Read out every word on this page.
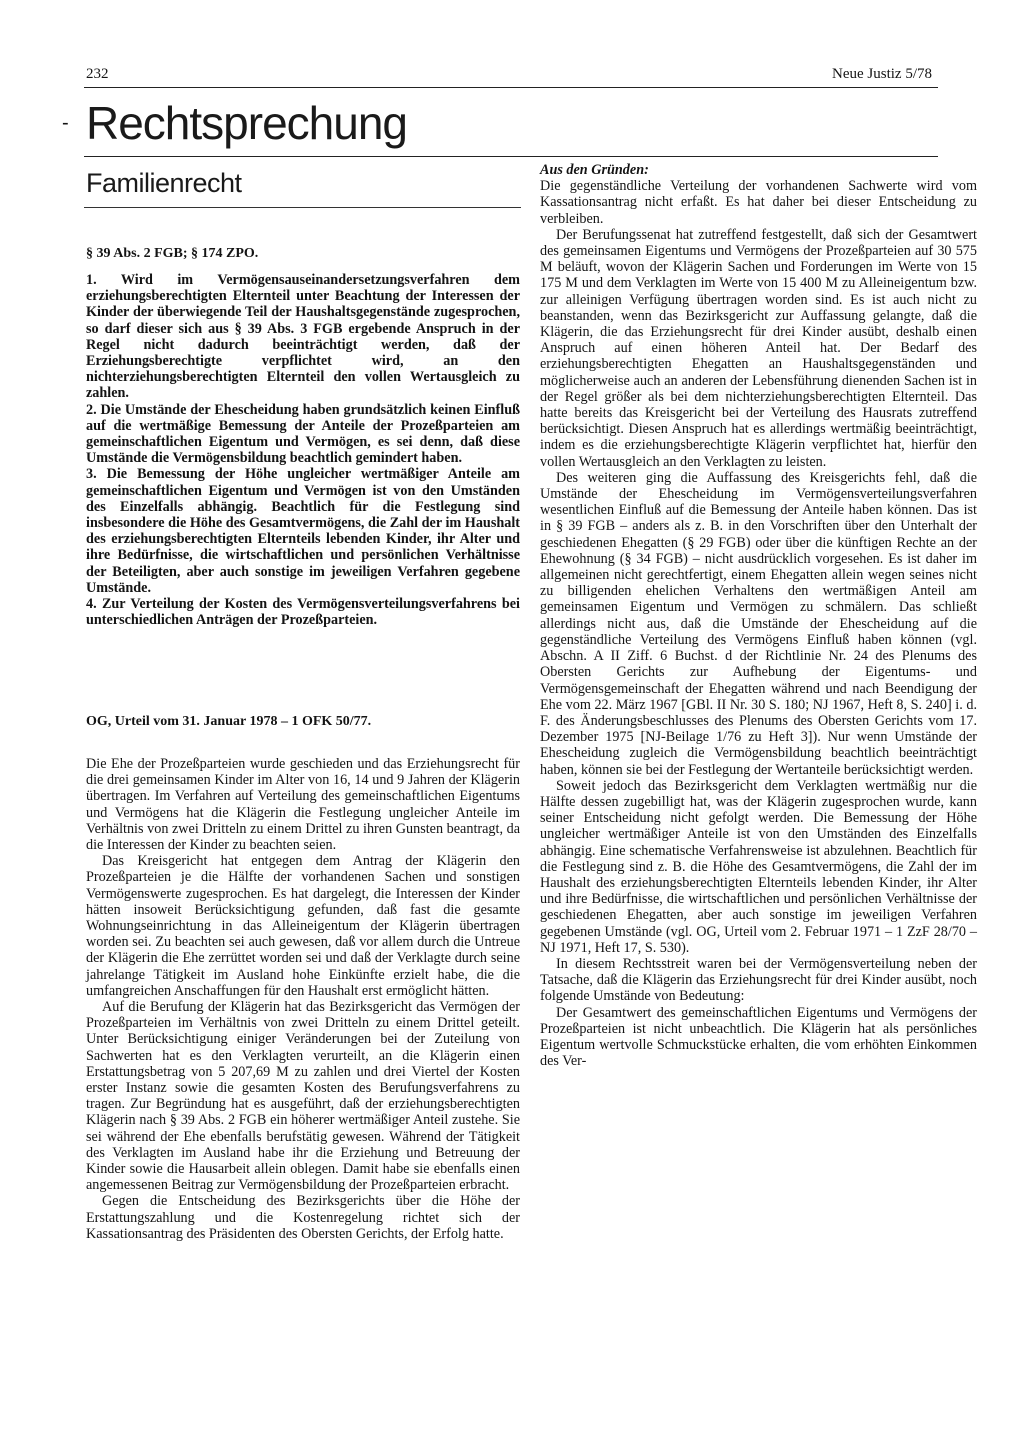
232	Neue Justiz 5/78
- Rechtsprechung
Familienrecht
§ 39 Abs. 2 FGB; § 174 ZPO.

1. Wird im Vermögensauseinandersetzungsverfahren dem erziehungsberechtigten Elternteil unter Beachtung der Interessen der Kinder der überwiegende Teil der Haushaltsgegenstände zugesprochen, so darf dieser sich aus § 39 Abs. 3 FGB ergebende Anspruch in der Regel nicht dadurch beeinträchtigt werden, daß der Erziehungsberechtigte verpflichtet wird, an den nichterziehungsberechtigten Elternteil den vollen Wertausgleich zu zahlen.

2. Die Umstände der Ehescheidung haben grundsätzlich keinen Einfluß auf die wertmäßige Bemessung der Anteile der Prozeßparteien am gemeinschaftlichen Eigentum und Vermögen, es sei denn, daß diese Umstände die Vermögensbildung beachtlich gemindert haben.

3. Die Bemessung der Höhe ungleicher wertmäßiger Anteile am gemeinschaftlichen Eigentum und Vermögen ist von den Umständen des Einzelfalls abhängig. Beachtlich für die Festlegung sind insbesondere die Höhe des Gesamtvermögens, die Zahl der im Haushalt des erziehungsberechtigten Elternteils lebenden Kinder, ihr Alter und ihre Bedürfnisse, die wirtschaftlichen und persönlichen Verhältnisse der Beteiligten, aber auch sonstige im jeweiligen Verfahren gegebene Umstände.

4. Zur Verteilung der Kosten des Vermögensverteilungsverfahrens bei unterschiedlichen Anträgen der Prozeßparteien.

OG, Urteil vom 31. Januar 1978 – 1 OFK 50/77.

Die Ehe der Prozeßparteien wurde geschieden und das Erziehungsrecht für die drei gemeinsamen Kinder im Alter von 16, 14 und 9 Jahren der Klägerin übertragen. Im Verfahren auf Verteilung des gemeinschaftlichen Eigentums und Vermögens hat die Klägerin die Festlegung ungleicher Anteile im Verhältnis von zwei Dritteln zu einem Drittel zu ihren Gunsten beantragt, da die Interessen der Kinder zu beachten seien.

Das Kreisgericht hat entgegen dem Antrag der Klägerin den Prozeßparteien je die Hälfte der vorhandenen Sachen und sonstigen Vermögenswerte zugesprochen. Es hat dargelegt, die Interessen der Kinder hätten insoweit Berücksichtigung gefunden, daß fast die gesamte Wohnungseinrichtung in das Alleineigentum der Klägerin übertragen worden sei. Zu beachten sei auch gewesen, daß vor allem durch die Untreue der Klägerin die Ehe zerrüttet worden sei und daß der Verklagte durch seine jahrelange Tätigkeit im Ausland hohe Einkünfte erzielt habe, die die umfangreichen Anschaffungen für den Haushalt erst ermöglicht hätten.

Auf die Berufung der Klägerin hat das Bezirksgericht das Vermögen der Prozeßparteien im Verhältnis von zwei Dritteln zu einem Drittel geteilt. Unter Berücksichtigung einiger Veränderungen bei der Zuteilung von Sachwerten hat es den Verklagten verurteilt, an die Klägerin einen Erstattungsbetrag von 5 207,69 M zu zahlen und drei Viertel der Kosten erster Instanz sowie die gesamten Kosten des Berufungsverfahrens zu tragen. Zur Begründung hat es ausgeführt, daß der erziehungsberechtigten Klägerin nach § 39 Abs. 2 FGB ein höherer wertmäßiger Anteil zustehe. Sie sei während der Ehe ebenfalls berufstätig gewesen. Während der Tätigkeit des Verklagten im Ausland habe ihr die Erziehung und Betreuung der Kinder sowie die Hausarbeit allein oblegen. Damit habe sie ebenfalls einen angemessenen Beitrag zur Vermögensbildung der Prozeßparteien erbracht.

Gegen die Entscheidung des Bezirksgerichts über die Höhe der Erstattungszahlung und die Kostenregelung richtet sich der Kassationsantrag des Präsidenten des Obersten Gerichts, der Erfolg hatte.

Aus den Gründen:

Die gegenständliche Verteilung der vorhandenen Sachwerte wird vom Kassationsantrag nicht erfaßt. Es hat daher bei dieser Entscheidung zu verbleiben.

Der Berufungssenat hat zutreffend festgestellt, daß sich der Gesamtwert des gemeinsamen Eigentums und Vermögens der Prozeßparteien auf 30 575 M beläuft, wovon der Klägerin Sachen und Forderungen im Werte von 15 175 M und dem Verklagten im Werte von 15 400 M zu Alleineigentum bzw. zur alleinigen Verfügung übertragen worden sind. Es ist auch nicht zu beanstanden, wenn das Bezirksgericht zur Auffassung gelangte, daß die Klägerin, die das Erziehungsrecht für drei Kinder ausübt, deshalb einen Anspruch auf einen höheren Anteil hat. Der Bedarf des erziehungsberechtigten Ehegatten an Haushaltsgegenständen und möglicherweise auch an anderen der Lebensführung dienenden Sachen ist in der Regel größer als bei dem nichterziehungsberechtigten Elternteil. Das hatte bereits das Kreisgericht bei der Verteilung des Hausrats zutreffend berücksichtigt. Diesen Anspruch hat es allerdings wertmäßig beeinträchtigt, indem es die erziehungsberechtigte Klägerin verpflichtet hat, hierfür den vollen Wertausgleich an den Verklagten zu leisten.

Des weiteren ging die Auffassung des Kreisgerichts fehl, daß die Umstände der Ehescheidung im Vermögensverteilungsverfahren wesentlichen Einfluß auf die Bemessung der Anteile haben können. Das ist in § 39 FGB – anders als z. B. in den Vorschriften über den Unterhalt der geschiedenen Ehegatten (§ 29 FGB) oder über die künftigen Rechte an der Ehewohnung (§ 34 FGB) – nicht ausdrücklich vorgesehen. Es ist daher im allgemeinen nicht gerechtfertigt, einem Ehegatten allein wegen seines nicht zu billigenden ehelichen Verhaltens den wertmäßigen Anteil am gemeinsamen Eigentum und Vermögen zu schmälern. Das schließt allerdings nicht aus, daß die Umstände der Ehescheidung auf die gegenständliche Verteilung des Vermögens Einfluß haben können (vgl. Abschn. A II Ziff. 6 Buchst. d der Richtlinie Nr. 24 des Plenums des Obersten Gerichts zur Aufhebung der Eigentums- und Vermögensgemeinschaft der Ehegatten während und nach Beendigung der Ehe vom 22. März 1967 [GBl. II Nr. 30 S. 180; NJ 1967, Heft 8, S. 240] i. d. F. des Änderungsbeschlusses des Plenums des Obersten Gerichts vom 17. Dezember 1975 [NJ-Beilage 1/76 zu Heft 3]). Nur wenn Umstände der Ehescheidung zugleich die Vermögensbildung beachtlich beeinträchtigt haben, können sie bei der Festlegung der Wertanteile berücksichtigt werden.

Soweit jedoch das Bezirksgericht dem Verklagten wertmäßig nur die Hälfte dessen zugebilligt hat, was der Klägerin zugesprochen wurde, kann seiner Entscheidung nicht gefolgt werden. Die Bemessung der Höhe ungleicher wertmäßiger Anteile ist von den Umständen des Einzelfalls abhängig. Eine schematische Verfahrensweise ist abzulehnen. Beachtlich für die Festlegung sind z. B. die Höhe des Gesamtvermögens, die Zahl der im Haushalt des erziehungsberechtigten Elternteils lebenden Kinder, ihr Alter und ihre Bedürfnisse, die wirtschaftlichen und persönlichen Verhältnisse der geschiedenen Ehegatten, aber auch sonstige im jeweiligen Verfahren gegebenen Umstände (vgl. OG, Urteil vom 2. Februar 1971 – 1 ZzF 28/70 – NJ 1971, Heft 17, S. 530).

In diesem Rechtsstreit waren bei der Vermögensverteilung neben der Tatsache, daß die Klägerin das Erziehungsrecht für drei Kinder ausübt, noch folgende Umstände von Bedeutung:

Der Gesamtwert des gemeinschaftlichen Eigentums und Vermögens der Prozeßparteien ist nicht unbeachtlich. Die Klägerin hat als persönliches Eigentum wertvolle Schmuckstücke erhalten, die vom erhöhten Einkommen des Ver-
